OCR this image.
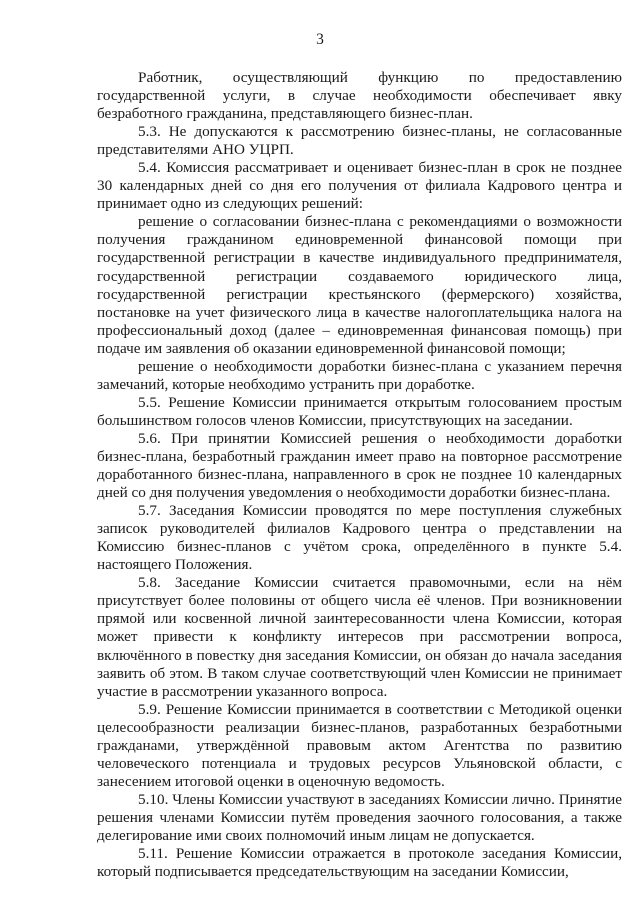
3

Работник, осуществляющий функцию по предоставлению государственной услуги, в случае необходимости обеспечивает явку безработного гражданина, представляющего бизнес-план.

5.3. Не допускаются к рассмотрению бизнес-планы, не согласованные представителями АНО УЦРП.

5.4. Комиссия рассматривает и оценивает бизнес-план в срок не позднее 30 календарных дней со дня его получения от филиала Кадрового центра и принимает одно из следующих решений:

решение о согласовании бизнес-плана с рекомендациями о возможности получения гражданином единовременной финансовой помощи при государственной регистрации в качестве индивидуального предпринимателя, государственной регистрации создаваемого юридического лица, государственной регистрации крестьянского (фермерского) хозяйства, постановке на учет физического лица в качестве налогоплательщика налога на профессиональный доход (далее – единовременная финансовая помощь) при подаче им заявления об оказании единовременной финансовой помощи;

решение о необходимости доработки бизнес-плана с указанием перечня замечаний, которые необходимо устранить при доработке.

5.5. Решение Комиссии принимается открытым голосованием простым большинством голосов членов Комиссии, присутствующих на заседании.

5.6. При принятии Комиссией решения о необходимости доработки бизнес-плана, безработный гражданин имеет право на повторное рассмотрение доработанного бизнес-плана, направленного в срок не позднее 10 календарных дней со дня получения уведомления о необходимости доработки бизнес-плана.

5.7. Заседания Комиссии проводятся по мере поступления служебных записок руководителей филиалов Кадрового центра о представлении на Комиссию бизнес-планов с учётом срока, определённого в пункте 5.4. настоящего Положения.

5.8. Заседание Комиссии считается правомочными, если на нём присутствует более половины от общего числа её членов. При возникновении прямой или косвенной личной заинтересованности члена Комиссии, которая может привести к конфликту интересов при рассмотрении вопроса, включённого в повестку дня заседания Комиссии, он обязан до начала заседания заявить об этом. В таком случае соответствующий член Комиссии не принимает участие в рассмотрении указанного вопроса.

5.9. Решение Комиссии принимается в соответствии с Методикой оценки целесообразности реализации бизнес-планов, разработанных безработными гражданами, утверждённой правовым актом Агентства по развитию человеческого потенциала и трудовых ресурсов Ульяновской области, с занесением итоговой оценки в оценочную ведомость.

5.10. Члены Комиссии участвуют в заседаниях Комиссии лично. Принятие решения членами Комиссии путём проведения заочного голосования, а также делегирование ими своих полномочий иным лицам не допускается.

5.11. Решение Комиссии отражается в протоколе заседания Комиссии, который подписывается председательствующим на заседании Комиссии,
